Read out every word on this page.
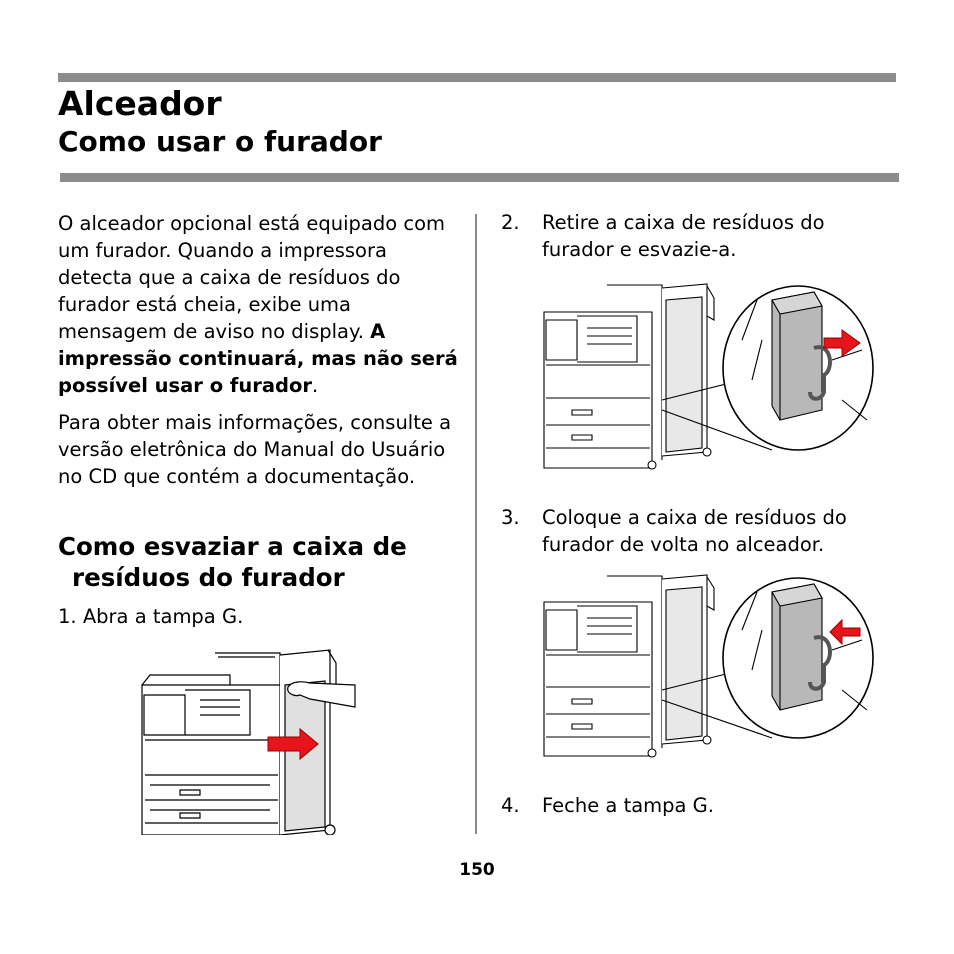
Alceador
Como usar o furador

O alceador opcional está equipado com um furador. Quando a impressora detecta que a caixa de resíduos do furador está cheia, exibe uma mensagem de aviso no display. A impressão continuará, mas não será possível usar o furador.

Para obter mais informações, consulte a versão eletrônica do Manual do Usuário no CD que contém a documentação.

Como esvaziar a caixa de
resíduos do furador
1. Abra a tampa G.
2. Retire a caixa de resíduos do furador e esvazie-a.
3. Coloque a caixa de resíduos do furador de volta no alceador.
4. Feche a tampa G.
150
